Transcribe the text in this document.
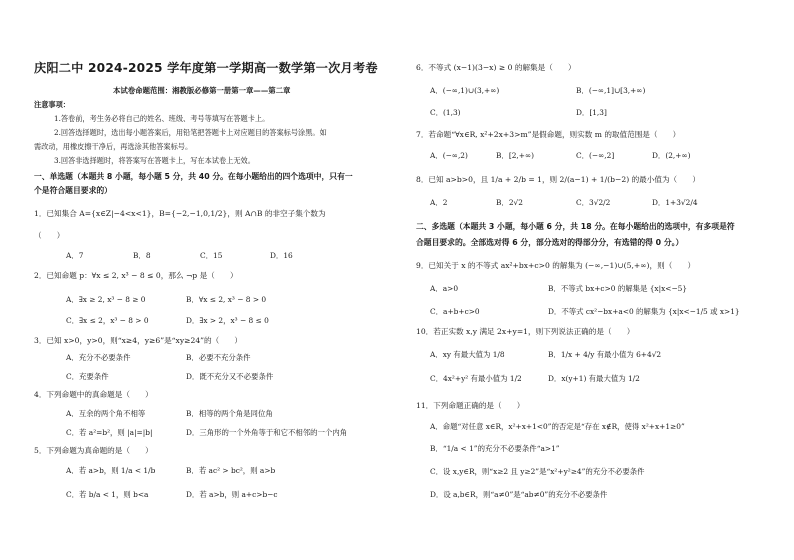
庆阳二中 2024-2025 学年度第一学期高一数学第一次月考卷
本试卷命题范围：湘教版必修第一册第一章——第二章
注意事项：
1.答卷前，考生务必将自己的姓名、班级、考号等填写在答题卡上。
2.回答选择题时，选出每小题答案后，用铅笔把答题卡上对应题目的答案标号涂黑。如
需改动，用橡皮擦干净后，再选涂其他答案标号。
3.回答非选择题时，将答案写在答题卡上，写在本试卷上无效。
一、单选题（本题共 8 小题，每小题 5 分，共 40 分。在每小题给出的四个选项中，只有一
个是符合题目要求的）
1．已知集合 A={x∈Z|−4<x<1}，B={−2,−1,0,1/2}，则 A∩B 的非空子集个数为
（　　）
A．7	B．8	C．15	D．16
2．已知命题 p：∀x ≤ 2, x³ − 8 ≤ 0，那么 ¬p 是（　　）
A．∃x ≥ 2, x³ − 8 ≥ 0	B．∀x ≤ 2, x³ − 8 > 0
C．∃x ≤ 2，x³ − 8 > 0	D．∃x > 2，x³ − 8 ≤ 0
3．已知 x>0，y>0，则“x≥4，y≥6”是“xy≥24”的（　　）
A．充分不必要条件	B．必要不充分条件
C．充要条件	D．既不充分又不必要条件
4．下列命题中的真命题是（　　）
A．互余的两个角不相等	B．相等的两个角是同位角
C．若 a²=b²，则 |a|=|b|	D．三角形的一个外角等于和它不相邻的一个内角
5．下列命题为真命题的是（　　）
A．若 a>b，则 1/a < 1/b	B．若 ac² > bc²，则 a>b
C．若 b/a < 1，则 b<a	D．若 a>b，则 a+c>b−c
6．不等式 (x−1)(3−x) ≥ 0 的解集是（　　）
A．(−∞,1)∪(3,+∞)	B．(−∞,1]∪[3,+∞)
C．(1,3)	D．[1,3]
7．若命题“∀x∈R, x²+2x+3>m”是假命题，则实数 m 的取值范围是（　　）
A．(−∞,2)	B．[2,+∞)	C．(−∞,2]	D．(2,+∞)
8．已知 a>b>0，且 1/a + 2/b = 1，则 2/(a−1) + 1/(b−2) 的最小值为（　　）
A．2	B．2√2	C．3√2/2	D．1+3√2/4
二、多选题（本题共 3 小题，每小题 6 分，共 18 分。在每小题给出的选项中，有多项是符
合题目要求的。全部选对得 6 分，部分选对的得部分分，有选错的得 0 分。）
9．已知关于 x 的不等式 ax²+bx+c>0 的解集为 (−∞,−1)∪(5,+∞)，则（　　）
A．a>0	B．不等式 bx+c>0 的解集是 {x|x<−5}
C．a+b+c>0	D．不等式 cx²−bx+a<0 的解集为 {x|x<−1/5 或 x>1}
10．若正实数 x,y 满足 2x+y=1，则下列说法正确的是（　　）
A．xy 有最大值为 1/8	B．1/x + 4/y 有最小值为 6+4√2
C．4x²+y² 有最小值为 1/2	D．x(y+1) 有最大值为 1/2
11．下列命题正确的是（　　）
A．命题“对任意 x∈R，x²+x+1<0”的否定是“存在 x∉R，使得 x²+x+1≥0”
B．“1/a < 1”的充分不必要条件“a>1”
C．设 x,y∈R，则“x≥2 且 y≥2”是“x²+y²≥4”的充分不必要条件
D．设 a,b∈R，则“a≠0”是“ab≠0”的充分不必要条件
